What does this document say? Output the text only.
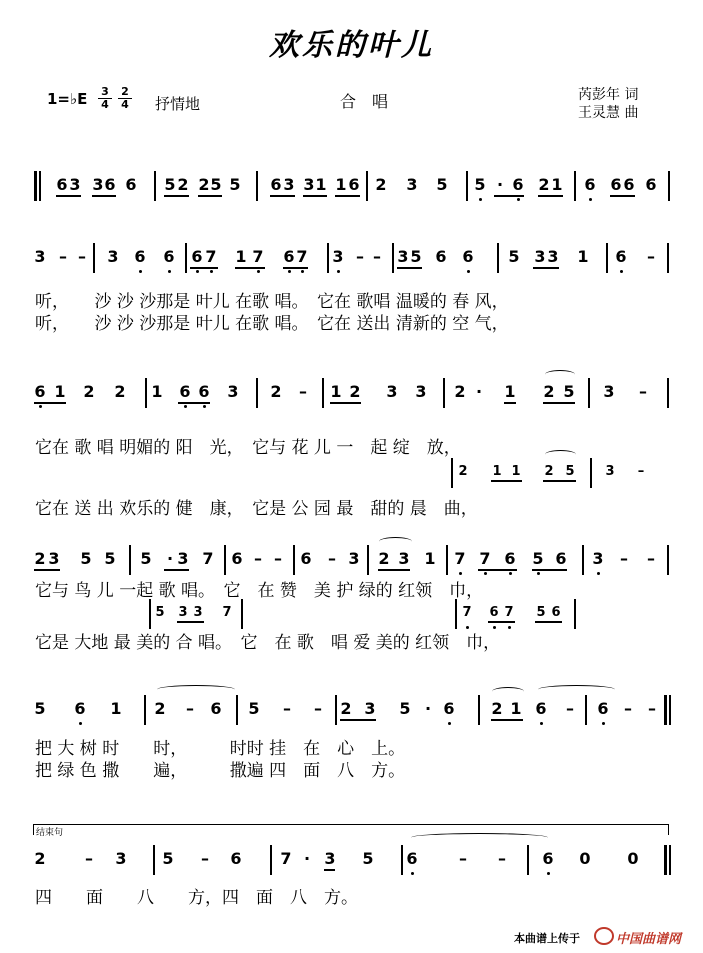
欢乐的叶儿
1=♭E 3
4
2
4 抒情地	合　唱	芮彭年 词
王灵慧 曲
6 3 3 6 6 5 2 2 5 5 6 3 3 1 1 6 2 3 5 5 · 6 2 1 6 6 6 6
3 – – 3 6 6 6 7 1 7 6 7 3 – – 3 5 6 6 5 3 3 1 6 –
6 1 2 2 1 6 6 3 2 – 1 2 3 3 2 · 1 2 5 3 –
2 1 1 2 5 3 –
2 3 5 5 5 · 3 7 6 – – 6 – 3 2 3 1 7 7 6 5 6 3 – –
5 3 3 7	7 6 7 5 6
5 6 1 2 – 6 5 – – 2 3 5 · 6 2 1 6 – 6 – –
2 – 3 5 – 6 7 · 3 5 6	– – 6 0 0
听，　　沙 沙 沙那是 叶儿 在歌 唱。　它在 歌唱 温暖的 春 风，
听，　　沙 沙 沙那是 叶儿 在歌 唱。　它在 送出 清新的 空 气，
它在 歌 唱 明媚的 阳　光，　它与 花 儿 一　起 绽　放，
它在 送 出 欢乐的 健　康，　它是 公 园 最　甜的 晨　曲，
它与 鸟 儿 一起 歌 唱。　它　在 赞　美 护 绿的 红领　巾，
它是 大地 最 美的 合 唱。　它　在 歌　唱 爱 美的 红领　巾，
把 大 树 时　　时，　　　时时 挂　在　心　上。
把 绿 色 撒　　遍，　　　撒遍 四　面　八　方。
四　　面　　八　　方，四　面　八　方。
结束句
本曲谱上传于	中国曲谱网
